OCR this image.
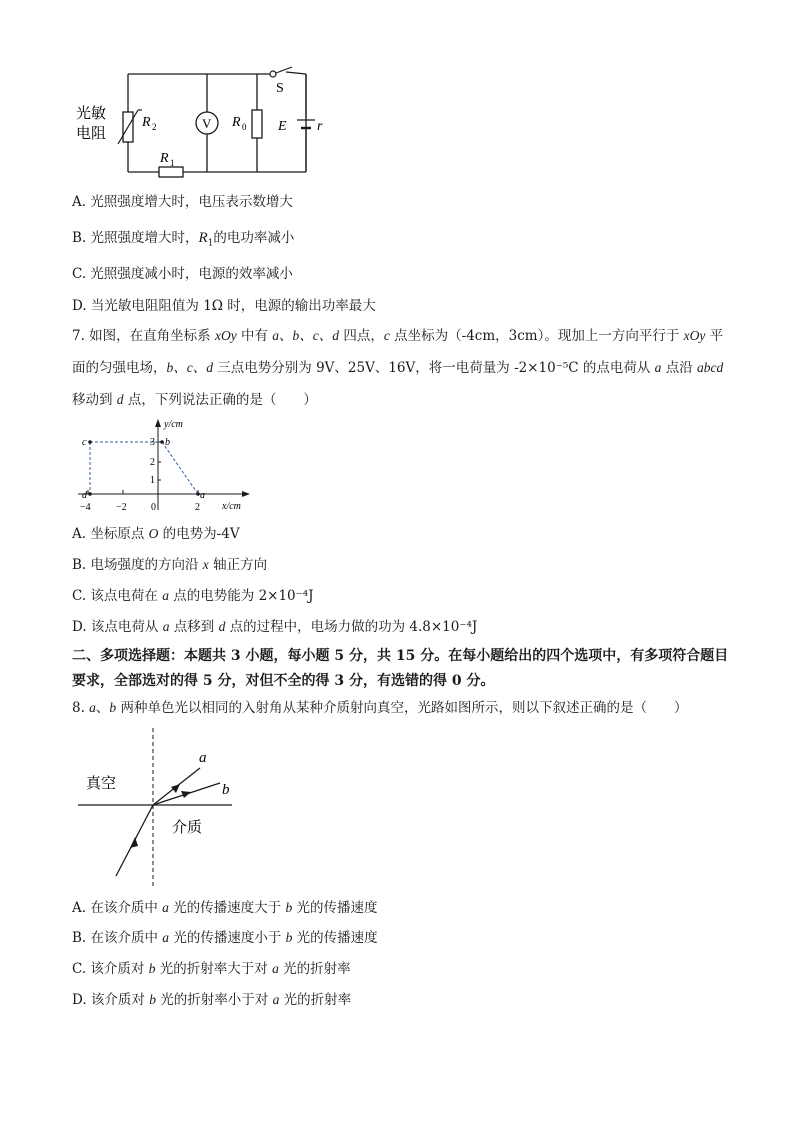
光敏
电阻
R 2
R 1
V R 0
S
E r
A. 光照强度增大时，电压表示数增大
B. 光照强度增大时，$R_1$的电功率减小
C. 光照强度减小时，电源的效率减小
D. 当光敏电阻阻值为 1Ω 时，电源的输出功率最大
7. 如图，在直角坐标系 xOy 中有 a、b、c、d 四点，c 点坐标为（-4cm，3cm）。现加上一方向平行于 xOy 平面的匀强电场，b、c、d 三点电势分别为 9V、25V、16V，将一电荷量为 -2×10⁻⁵C 的点电荷从 a 点沿 abcd 移动到 d 点，下列说法正确的是（　　）
y/cm
x/cm
−4	−2 0	2
1
2
3
c	b
d	a
A. 坐标原点 O 的电势为-4V
B. 电场强度的方向沿 x 轴正方向
C. 该点电荷在 a 点的电势能为 2×10⁻⁴J
D. 该点电荷从 a 点移到 d 点的过程中，电场力做的功为 4.8×10⁻⁴J
二、多项选择题：本题共 3 小题，每小题 5 分，共 15 分。在每小题给出的四个选项中，有多项符合题目要求，全部选对的得 5 分，对但不全的得 3 分，有选错的得 0 分。
8. a、b 两种单色光以相同的入射角从某种介质射向真空，光路如图所示，则以下叙述正确的是（　　）
真空
介质
a
b
A. 在该介质中 a 光的传播速度大于 b 光的传播速度
B. 在该介质中 a 光的传播速度小于 b 光的传播速度
C. 该介质对 b 光的折射率大于对 a 光的折射率
D. 该介质对 b 光的折射率小于对 a 光的折射率
